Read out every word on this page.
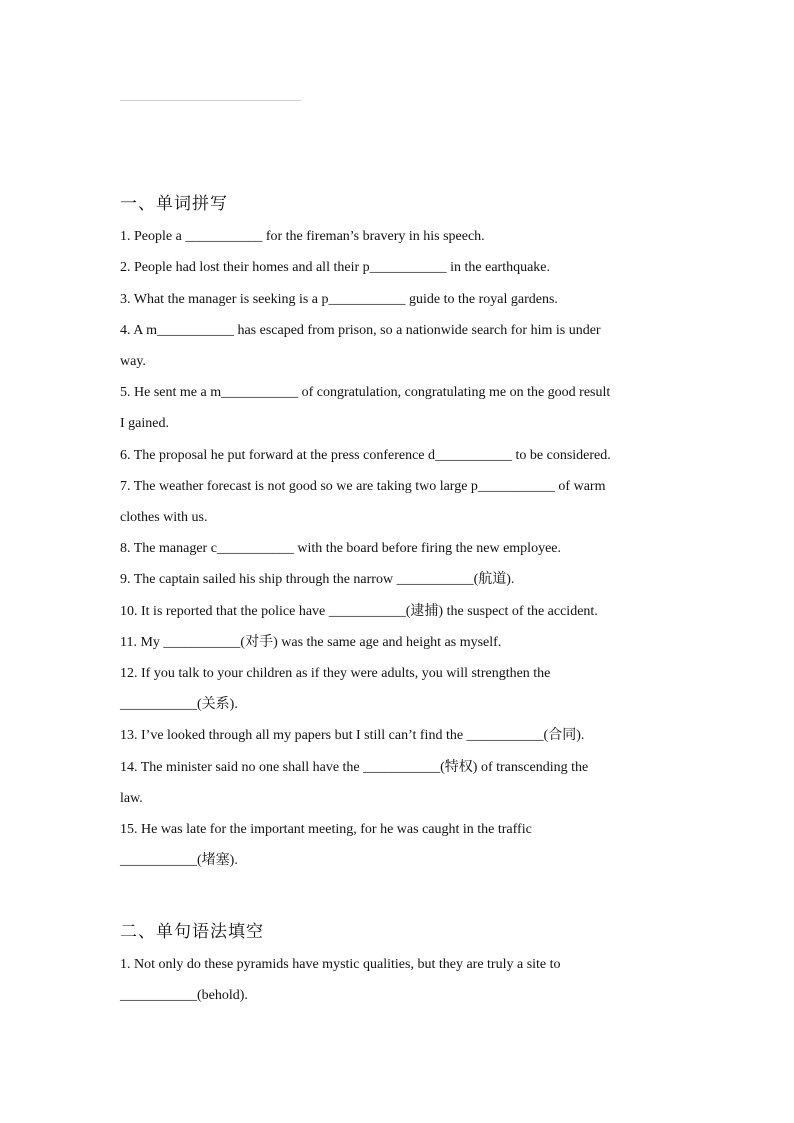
一、单词拼写
1. People a ___________ for the fireman’s bravery in his speech.
2. People had lost their homes and all their p___________ in the earthquake.
3. What the manager is seeking is a p___________ guide to the royal gardens.
4. A m___________ has escaped from prison, so a nationwide search for him is under
way.
5. He sent me a m___________ of congratulation, congratulating me on the good result
I gained.
6. The proposal he put forward at the press conference d___________ to be considered.
7. The weather forecast is not good so we are taking two large p___________ of warm
clothes with us.
8. The manager c___________ with the board before firing the new employee.
9. The captain sailed his ship through the narrow ___________(航道).
10. It is reported that the police have ___________(逮捕) the suspect of the accident.
11. My ___________(对手) was the same age and height as myself.
12. If you talk to your children as if they were adults, you will strengthen the
___________(关系).
13. I’ve looked through all my papers but I still can’t find the ___________(合同).
14. The minister said no one shall have the ___________(特权) of transcending the
law.
15. He was late for the important meeting, for he was caught in the traffic
___________(堵塞).
二、单句语法填空
1. Not only do these pyramids have mystic qualities, but they are truly a site to
___________(behold).
